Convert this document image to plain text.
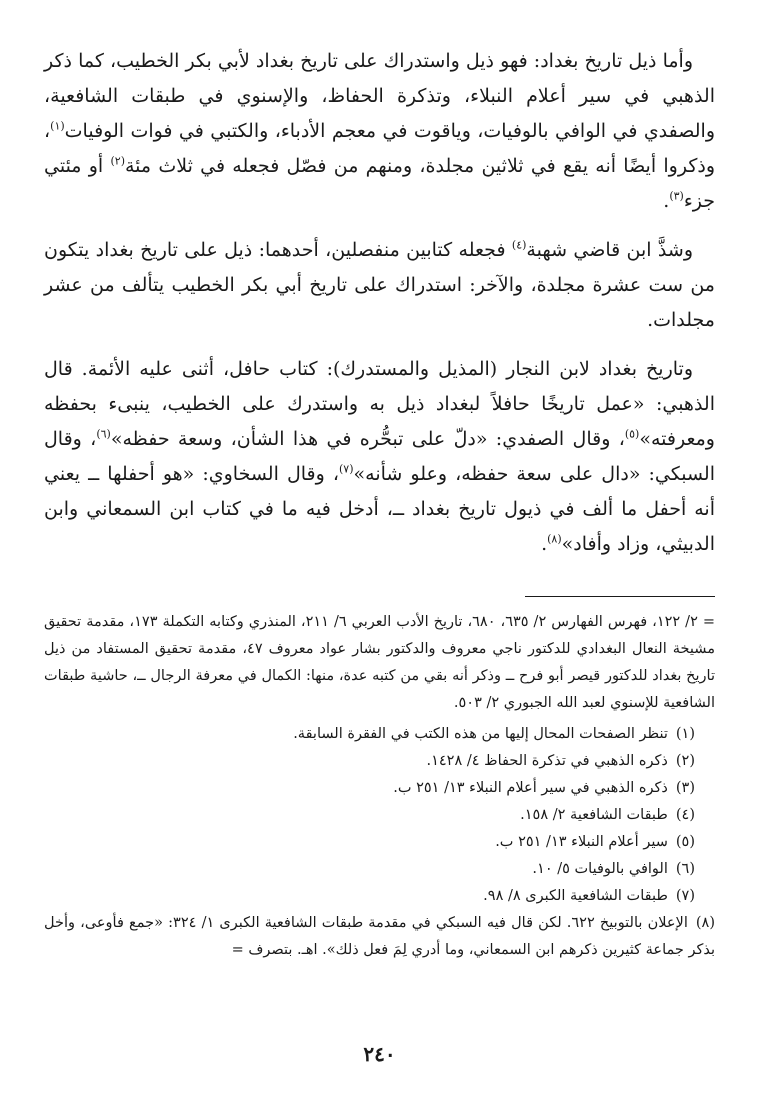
وأما ذيل تاريخ بغداد: فهو ذيل واستدراك على تاريخ بغداد لأبي بكر الخطيب، كما ذكر الذهبي في سير أعلام النبلاء، وتذكرة الحفاظ، والإسنوي في طبقات الشافعية، والصفدي في الوافي بالوفيات، وياقوت في معجم الأدباء، والكتبي في فوات الوفيات$^{(١)}$، وذكروا أيضًا أنه يقع في ثلاثين مجلدة، ومنهم من فصّل فجعله في ثلاث مئة$^{(٢)}$ أو مئتي جزء$^{(٣)}$.

وشذَّ ابن قاضي شهبة$^{(٤)}$ فجعله كتابين منفصلين، أحدهما: ذيل على تاريخ بغداد يتكون من ست عشرة مجلدة، والآخر: استدراك على تاريخ أبي بكر الخطيب يتألف من عشر مجلدات.

وتاريخ بغداد لابن النجار (المذيل والمستدرك): كتاب حافل، أثنى عليه الأئمة. قال الذهبي: «عمل تاريخًا حافلاً لبغداد ذيل به واستدرك على الخطيب، ينبىء بحفظه ومعرفته»$^{(٥)}$، وقال الصفدي: «دلّ على تبحُّره في هذا الشأن، وسعة حفظه»$^{(٦)}$، وقال السبكي: «دال على سعة حفظه، وعلو شأنه»$^{(٧)}$، وقال السخاوي: «هو أحفلها ــ يعني أنه أحفل ما ألف في ذيول تاريخ بغداد ــ، أدخل فيه ما في كتاب ابن السمعاني وابن الدبيثي، وزاد وأفاد»$^{(٨)}$.

= ٢/ ١٢٢، فهرس الفهارس ٢/ ٦٣٥، ٦٨٠، تاريخ الأدب العربي ٦/ ٢١١، المنذري وكتابه التكملة ١٧٣، مقدمة تحقيق مشيخة النعال البغدادي للدكتور ناجي معروف والدكتور بشار عواد معروف ٤٧، مقدمة تحقيق المستفاد من ذيل تاريخ بغداد للدكتور قيصر أبو فرح ــ وذكر أنه بقي من كتبه عدة، منها: الكمال في معرفة الرجال ــ، حاشية طبقات الشافعية للإسنوي لعبد الله الجبوري ٢/ ٥٠٣.

(١)تنظر الصفحات المحال إليها من هذه الكتب في الفقرة السابقة.
(٢)ذكره الذهبي في تذكرة الحفاظ ٤/ ١٤٢٨.
(٣)ذكره الذهبي في سير أعلام النبلاء ١٣/ ٢٥١ ب.
(٤)طبقات الشافعية ٢/ ١٥٨.
(٥)سير أعلام النبلاء ١٣/ ٢٥١ ب.
(٦)الوافي بالوفيات ٥/ ١٠.
(٧)طبقات الشافعية الكبرى ٨/ ٩٨.
(٨)الإعلان بالتوبيخ ٦٢٢. لكن قال فيه السبكي في مقدمة طبقات الشافعية الكبرى ١/ ٣٢٤: «جمع فأوعى، وأخل بذكر جماعة كثيرين ذكرهم ابن السمعاني، وما أدري لِمَ فعل ذلك». اهـ. بتصرف =
٢٤٠
